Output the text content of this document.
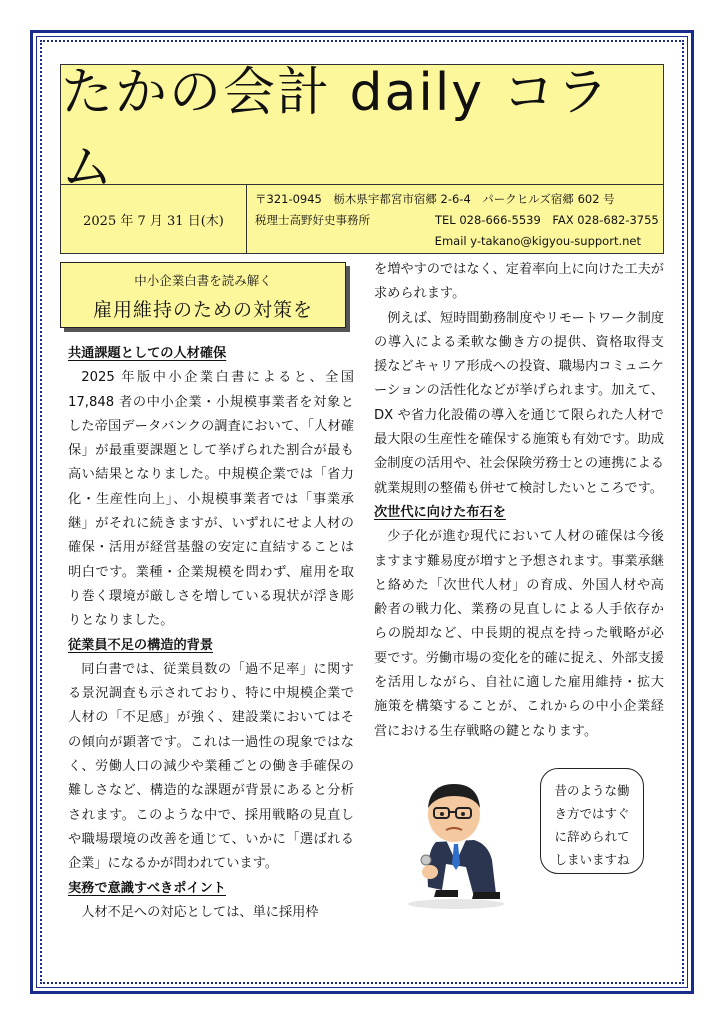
たかの会計 daily コラム
2025 年 7 月 31 日(木)
〒321-0945　栃木県宇都宮市宿郷 2-6-4　パークヒルズ宿郷 602 号
税理士高野好史事務所	TEL 028-666-5539　FAX 028-682-3755
Email y-takano@kigyou-support.net
中小企業白書を読み解く
雇用維持のための対策を
共通課題としての人材確保

2025 年版中小企業白書によると、全国 17,848 者の中小企業・小規模事業者を対象とした帝国データバンクの調査において、「人材確保」が最重要課題として挙げられた割合が最も高い結果となりました。中規模企業では「省力化・生産性向上」、小規模事業者では「事業承継」がそれに続きますが、いずれにせよ人材の確保・活用が経営基盤の安定に直結することは明白です。業種・企業規模を問わず、雇用を取り巻く環境が厳しさを増している現状が浮き彫りとなりました。

従業員不足の構造的背景

同白書では、従業員数の「過不足率」に関する景況調査も示されており、特に中規模企業で人材の「不足感」が強く、建設業においてはその傾向が顕著です。これは一過性の現象ではなく、労働人口の減少や業種ごとの働き手確保の難しさなど、構造的な課題が背景にあると分析されます。このような中で、採用戦略の見直しや職場環境の改善を通じて、いかに「選ばれる企業」になるかが問われています。

実務で意識すべきポイント

人材不足への対応としては、単に採用枠

を増やすのではなく、定着率向上に向けた工夫が求められます。

例えば、短時間勤務制度やリモートワーク制度の導入による柔軟な働き方の提供、資格取得支援などキャリア形成への投資、職場内コミュニケーションの活性化などが挙げられます。加えて、DX や省力化設備の導入を通じて限られた人材で最大限の生産性を確保する施策も有効です。助成金制度の活用や、社会保険労務士との連携による就業規則の整備も併せて検討したいところです。

次世代に向けた布石を

少子化が進む現代において人材の確保は今後ますます難易度が増すと予想されます。事業承継と絡めた「次世代人材」の育成、外国人材や高齢者の戦力化、業務の見直しによる人手依存からの脱却など、中長期的視点を持った戦略が必要です。労働市場の変化を的確に捉え、外部支援を活用しながら、自社に適した雇用維持・拡大施策を構築することが、これからの中小企業経営における生存戦略の鍵となります。

昔のような働
き方ではすぐ
に辞められて
しまいますね
